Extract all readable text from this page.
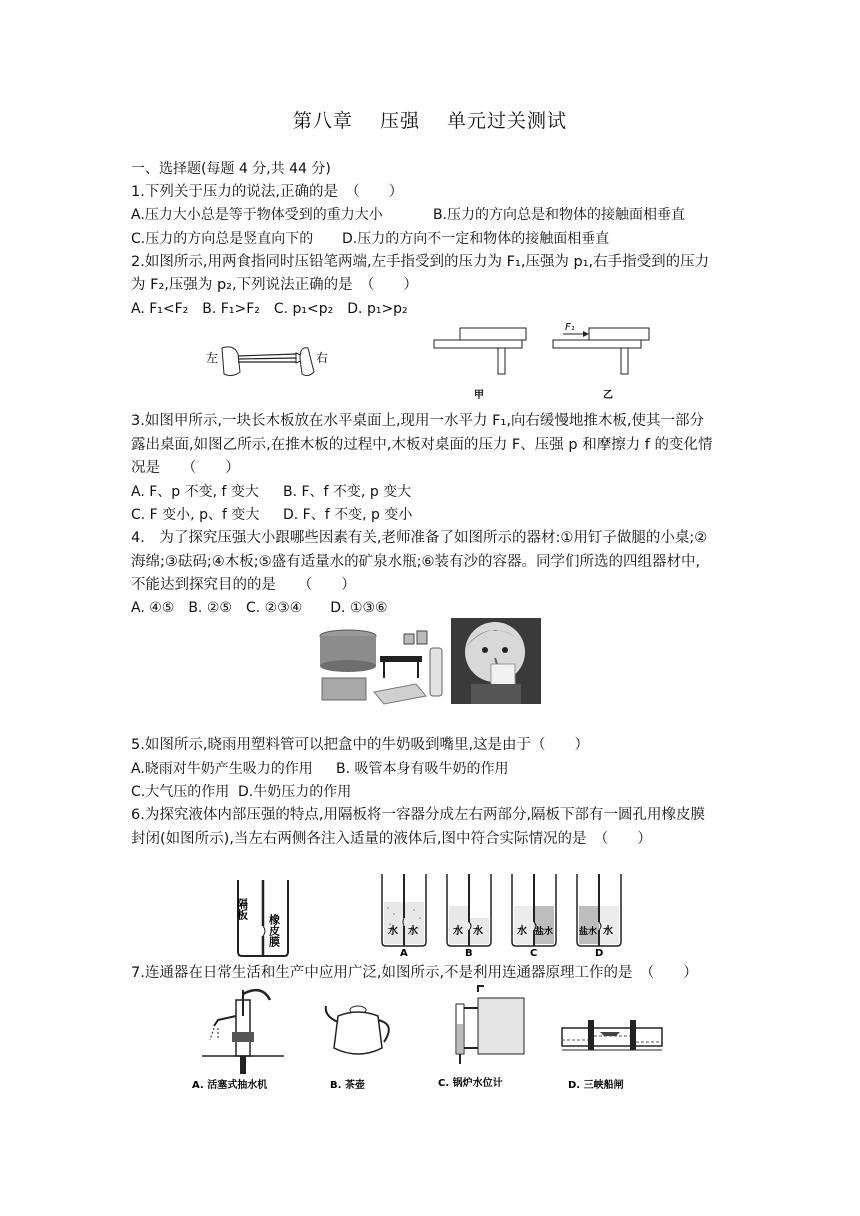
第八章 压强 单元过关测试
一、选择题(每题 4 分,共 44 分)
1.下列关于压力的说法,正确的是　（　　）
A.压力大小总是等于物体受到的重力大小	B.压力的方向总是和物体的接触面相垂直
C.压力的方向总是竖直向下的 D.压力的方向不一定和物体的接触面相垂直
2.如图所示,用两食指同时压铅笔两端,左手指受到的压力为 F₁,压强为 p₁,右手指受到的压力
为 F₂,压强为 p₂,下列说法正确的是　（　　）
A. F₁<F₂　B. F₁>F₂　C. p₁<p₂　D. p₁>p₂
左	右
甲
F₁
乙
3.如图甲所示,一块长木板放在水平桌面上,现用一水平力 F₁,向右缓慢地推木板,使其一部分
露出桌面,如图乙所示,在推木板的过程中,木板对桌面的压力 F、压强 p 和摩擦力 f 的变化情
况是　　（　　）
A. F、p 不变, f 变大 B. F、f 不变, p 变大
C. F 变小, p、f 变大 D. F、f 不变, p 变小
4.　为了探究压强大小跟哪些因素有关,老师准备了如图所示的器材:①用钉子做腿的小桌;②
海绵;③砝码;④木板;⑤盛有适量水的矿泉水瓶;⑥装有沙的容器。同学们所选的四组器材中,
不能达到探究目的的是　　（　　）
A. ④⑤　B. ②⑤　C. ②③④　　D. ①③⑥
5.如图所示,晓雨用塑料管可以把盒中的牛奶吸到嘴里,这是由于（　　）
A.晓雨对牛奶产生吸力的作用 B. 吸管本身有吸牛奶的作用
C.大气压的作用 D.牛奶压力的作用
6.为探究液体内部压强的特点,用隔板将一容器分成左右两部分,隔板下部有一圆孔用橡皮膜
封闭(如图所示),当左右两侧各注入适量的液体后,图中符合实际情况的是　（　　）
隔板
橡皮膜	水 水
A
水 水
B
水 盐水
C
盐水 水
D
7.连通器在日常生活和生产中应用广泛,如图所示,不是利用连通器原理工作的是　（　　）
A. 活塞式抽水机	B. 茶壶	C. 锅炉水位计	D. 三峡船闸
